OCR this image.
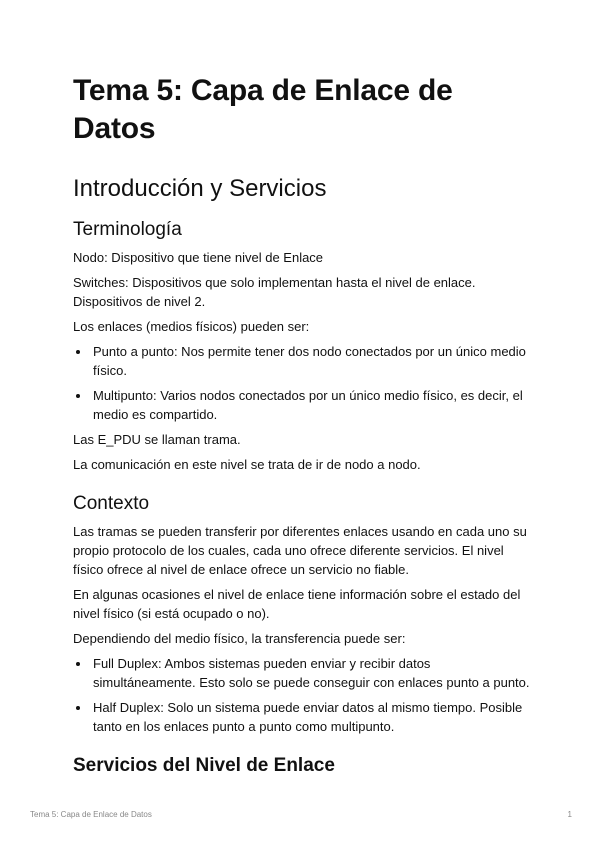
Tema 5: Capa de Enlace de Datos
Introducción y Servicios
Terminología

Nodo: Dispositivo que tiene nivel de Enlace

Switches: Dispositivos que solo implementan hasta el nivel de enlace. Dispositivos de nivel 2.

Los enlaces (medios físicos) pueden ser:

• Punto a punto: Nos permite tener dos nodo conectados por un único medio físico.
• Multipunto: Varios nodos conectados por un único medio físico, es decir, el medio es compartido.

Las E_PDU se llaman trama.

La comunicación en este nivel se trata de ir de nodo a nodo.

Contexto

Las tramas se pueden transferir por diferentes enlaces usando en cada uno su propio protocolo de los cuales, cada uno ofrece diferente servicios. El nivel físico ofrece al nivel de enlace ofrece un servicio no fiable.

En algunas ocasiones el nivel de enlace tiene información sobre el estado del nivel físico (si está ocupado o no).

Dependiendo del medio físico, la transferencia puede ser:

• Full Duplex: Ambos sistemas pueden enviar y recibir datos simultáneamente. Esto solo se puede conseguir con enlaces punto a punto.
• Half Duplex: Solo un sistema puede enviar datos al mismo tiempo. Posible tanto en los enlaces punto a punto como multipunto.
Servicios del Nivel de Enlace
Tema 5: Capa de Enlace de Datos	1
